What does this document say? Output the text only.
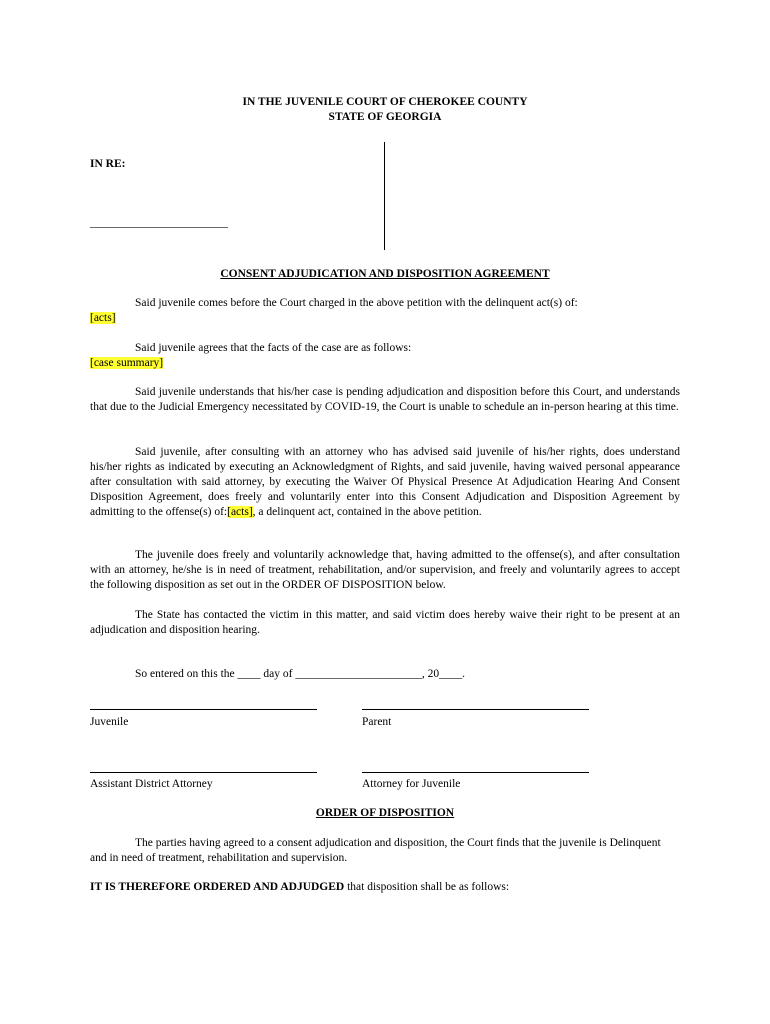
IN THE JUVENILE COURT OF CHEROKEE COUNTY
STATE OF GEORGIA
IN RE:
________________________
CONSENT ADJUDICATION AND DISPOSITION AGREEMENT
Said juvenile comes before the Court charged in the above petition with the delinquent act(s) of:
[acts]
Said juvenile agrees that the facts of the case are as follows:
[case summary]
Said juvenile understands that his/her case is pending adjudication and disposition before this Court, and understands that due to the Judicial Emergency necessitated by COVID-19, the Court is unable to schedule an in-person hearing at this time.
Said juvenile, after consulting with an attorney who has advised said juvenile of his/her rights, does understand his/her rights as indicated by executing an Acknowledgment of Rights, and said juvenile, having waived personal appearance after consultation with said attorney, by executing the Waiver Of Physical Presence At Adjudication Hearing And Consent Disposition Agreement, does freely and voluntarily enter into this Consent Adjudication and Disposition Agreement by admitting to the offense(s) of:[acts], a delinquent act, contained in the above petition.
The juvenile does freely and voluntarily acknowledge that, having admitted to the offense(s), and after consultation with an attorney, he/she is in need of treatment, rehabilitation, and/or supervision, and freely and voluntarily agrees to accept the following disposition as set out in the ORDER OF DISPOSITION below.
The State has contacted the victim in this matter, and said victim does hereby waive their right to be present at an adjudication and disposition hearing.
So entered on this the ____ day of ______________________, 20____.
Juvenile	Parent
Assistant District Attorney	Attorney for Juvenile
ORDER OF DISPOSITION
The parties having agreed to a consent adjudication and disposition, the Court finds that the juvenile is Delinquent and in need of treatment, rehabilitation and supervision.
IT IS THEREFORE ORDERED AND ADJUDGED that disposition shall be as follows:
